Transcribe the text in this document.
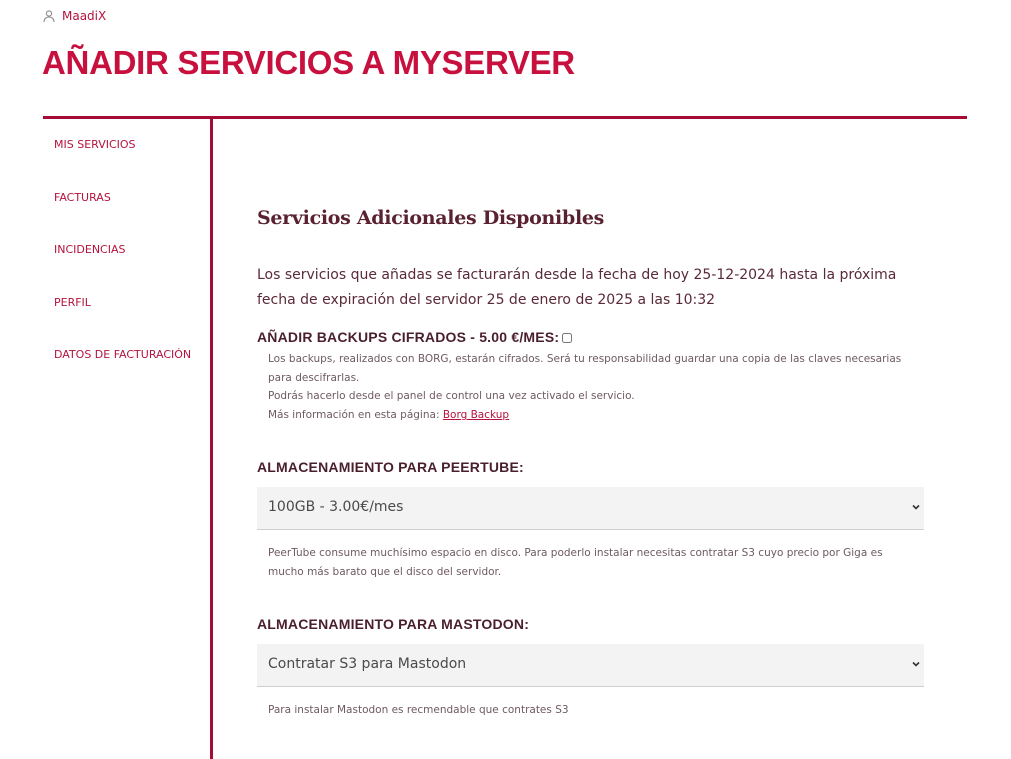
MaadiX
AÑADIR SERVICIOS A MYSERVER
MIS SERVICIOS
FACTURAS
INCIDENCIAS
PERFIL
DATOS DE FACTURACIÓN
Servicios Adicionales Disponibles

Los servicios que añadas se facturarán desde la fecha de hoy 25-12-2024 hasta la próxima fecha de expiración del servidor 25 de enero de 2025 a las 10:32

AÑADIR BACKUPS CIFRADOS - 5.00 €/MES:
Los backups, realizados con BORG, estarán cifrados. Será tu responsabilidad guardar una copia de las claves necesarias para descifrarlas.
Podrás hacerlo desde el panel de control una vez activado el servicio.
Más información en esta página: Borg Backup

ALMACENAMIENTO PARA PEERTUBE:

100GB - 3.00€/mes

PeerTube consume muchísimo espacio en disco. Para poderlo instalar necesitas contratar S3 cuyo precio por Giga es mucho más barato que el disco del servidor.

ALMACENAMIENTO PARA MASTODON:

Contratar S3 para Mastodon

Para instalar Mastodon es recmendable que contrates S3
